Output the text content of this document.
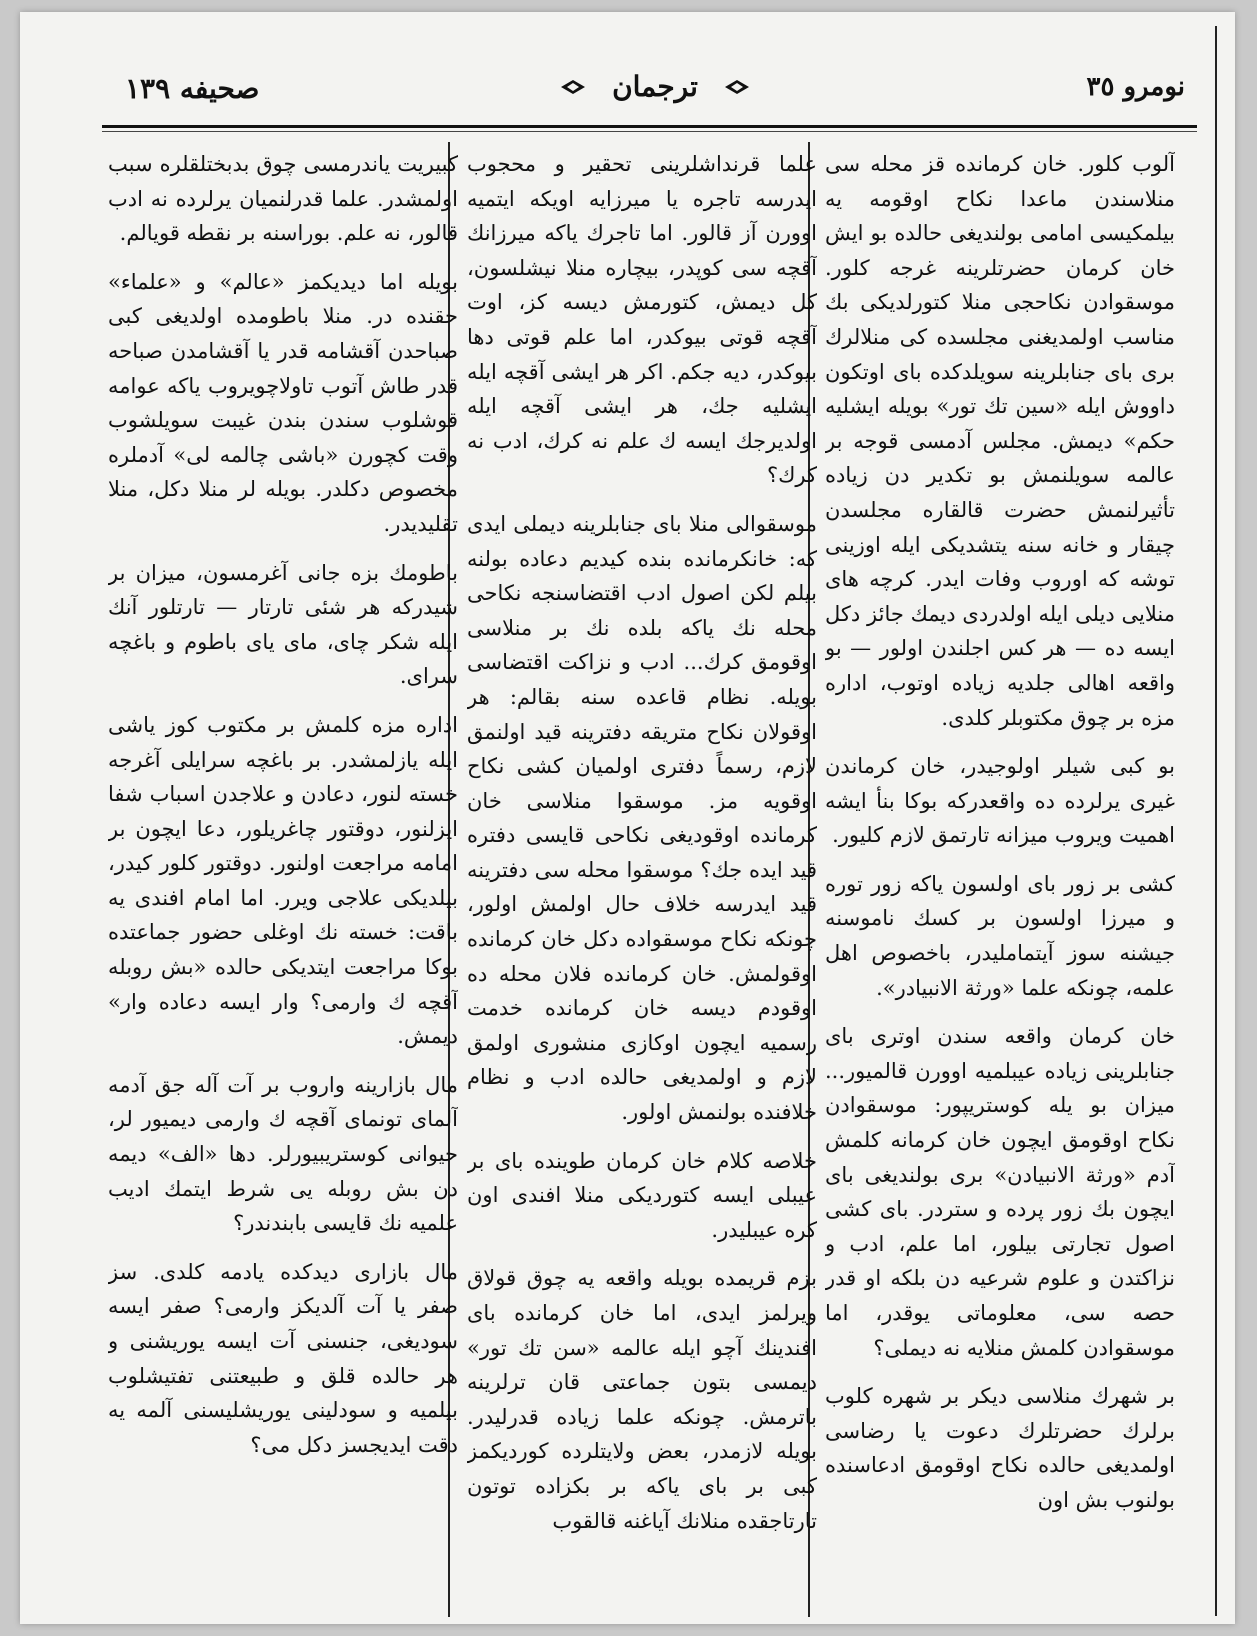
نومرو ٣٥
ترجمان
صحیفه ١٣٩

آلوب کلور. خان کرمانده قز محله سی منلاسندن ماعدا نکاح اوقومه یه بیلمکیسی امامی بولندیغی حالده بو ایش خان کرمان حضرتلرینه غرجه کلور. موسقوادن نکاحجی منلا کتورلدیکی بك مناسب اولمدیغنی مجلسده کی منلالرك بری بای جنابلرینه سویلدکده بای اوتکون داووش ایله «سین تك تور» بویله ایشلیه حکم» دیمش. مجلس آدمسی قوجه بر عالمه سویلنمش بو تکدیر دن زیاده تأثیرلنمش حضرت قالقاره مجلسدن چیقار و خانه سنه یتشدیکی ایله اوزینی توشه که اوروب وفات ایدر. کرچه های منلایی دیلی ایله اولدردی دیمك جائز دکل ایسه ده — هر کس اجلندن اولور — بو واقعه اهالی جلدیه زیاده اوتوب، اداره مزه بر چوق مکتوبلر کلدی.

بو کبی شیلر اولوجیدر، خان کرماندن غیری یرلرده ده واقعدرکه بوکا بنأ ایشه اهمیت ویروب میزانه تارتمق لازم کلیور.

کشی بر زور بای اولسون یاکه زور توره و میرزا اولسون بر کسك ناموسنه جیشنه سوز آیتماملیدر، باخصوص اهل علمه، چونکه علما «ورثة الانبیادر».

خان کرمان واقعه سندن اوتری بای جنابلرینی زیاده عیبلمیه اوورن قالمیور... میزان بو یله کوستریپور: موسقوادن نکاح اوقومق ایچون خان کرمانه کلمش آدم «ورثة الانبیادن» بری بولندیغی بای ایچون بك زور پرده و ستردر. بای کشی اصول تجارتی بیلور، اما علم، ادب و نزاکتدن و علوم شرعیه دن بلکه او قدر حصه سی، معلوماتی یوقدر، اما موسقوادن کلمش منلایه نه دیملی؟

بر شهرك منلاسی دیکر بر شهره کلوب برلرك حضرتلرك دعوت یا رضاسی اولمدیغی حالده نکاح اوقومق ادعاسنده بولنوب بش اون

علما قرنداشلرینی تحقیر و محجوب ایدرسه تاجره یا میرزایه اویکه ایتمیه اوورن آز قالور. اما تاجرك یاکه میرزانك آقچه سی کوپدر، بیچاره منلا نیشلسون، کل دیمش، کتورمش دیسه کز، اوت آقچه قوتی بیوکدر، اما علم قوتی دها بیوکدر، دیه جکم. اکر هر ایشی آقچه ایله ایشلیه جك، هر ایشی آقچه ایله اولدیرجك ایسه ك علم نه کرك، ادب نه کرك؟

موسقوالی منلا بای جنابلرینه دیملی ایدی که: خانکرمانده بنده کیدیم دعاده بولنه بیلم لکن اصول ادب اقتضاسنجه نکاحی محله نك یاکه بلده نك بر منلاسی اوقومق کرك... ادب و نزاکت اقتضاسی بویله. نظام قاعده سنه بقالم: هر اوقولان نکاح متریقه دفترینه قید اولنمق لازم، رسماً دفتری اولمیان کشی نکاح اوقویه مز. موسقوا منلاسی خان کرمانده اوقودیغی نکاحی قایسی دفتره قید ایده جك؟ موسقوا محله سی دفترینه قید ایدرسه خلاف حال اولمش اولور، چونکه نکاح موسقواده دکل خان کرمانده اوقولمش. خان کرمانده فلان محله ده اوقودم دیسه خان کرمانده خدمت رسمیه ایچون اوکازی منشوری اولمق لازم و اولمدیغی حالده ادب و نظام خلافنده بولنمش اولور.

خلاصه کلام خان کرمان طوینده بای بر عیبلی ایسه کتوردیکی منلا افندی اون کره عیبلیدر.

بزم قریمده بویله واقعه یه چوق قولاق ویرلمز ایدی، اما خان کرمانده بای افندینك آچو ایله عالمه «سن تك تور» دیمسی بتون جماعتی قان ترلرینه باترمش. چونکه علما زیاده قدرلیدر. بویله لازمدر، بعض ولایتلرده کوردیکمز کبی بر بای یاکه بر بکزاده توتون تارتاجقده منلانك آیاغنه قالقوب

کبیریت یاندرمسی چوق بدبختلقلره سبب اولمشدر. علما قدرلنمیان یرلرده نه ادب قالور، نه علم. بوراسنه بر نقطه قویالم.

بویله اما دیدیکمز «عالم» و «علماء» حقنده در. منلا باطومده اولدیغی کبی صباحدن آقشامه قدر یا آقشامدن صباحه قدر طاش آتوب تاولاچویروب یاکه عوامه قوشلوب سندن بندن غیبت سویلشوب وقت کچورن «باشی چالمه لی» آدملره مخصوص دکلدر. بویله لر منلا دکل، منلا تقلیدیدر.

باطومك بزه جانی آغرمسون، میزان بر شیدرکه هر شئی تارتار — تارتلور آنك ایله شکر چای، مای یای باطوم و باغچه سرای.

اداره مزه کلمش بر مکتوب کوز یاشی ایله یازلمشدر. بر باغچه سرایلی آغرجه خسته لنور، دعادن و علاجدن اسباب شفا ایزلنور، دوقتور چاغریلور، دعا ایچون بر امامه مراجعت اولنور. دوقتور کلور کیدر، بیلدیکی علاجی ویرر. اما امام افندی یه باقت: خسته نك اوغلی حضور جماعتده بوکا مراجعت ایتدیکی حالده «بش روبله آقچه ك وارمی؟ وار ایسه دعاده وار» دیمش.

مال بازارینه واروب بر آت آله جق آدمه آلمای تونمای آقچه ك وارمی دیمیور لر، حیوانی کوستریبیورلر. دها «الف» دیمه دن بش روبله یی شرط ایتمك ادیب علمیه نك قایسی بابندندر؟

مال بازاری دیدکده یادمه کلدی. سز صفر یا آت آلدیکز وارمی؟ صفر ایسه سودیغی، جنسنی آت ایسه یوریشنی و هر حالده قلق و طبیعتنی تفتیشلوب بیلمیه و سودلینی یوریشلیسنی آلمه یه دقت ایدیجسز دکل می؟
